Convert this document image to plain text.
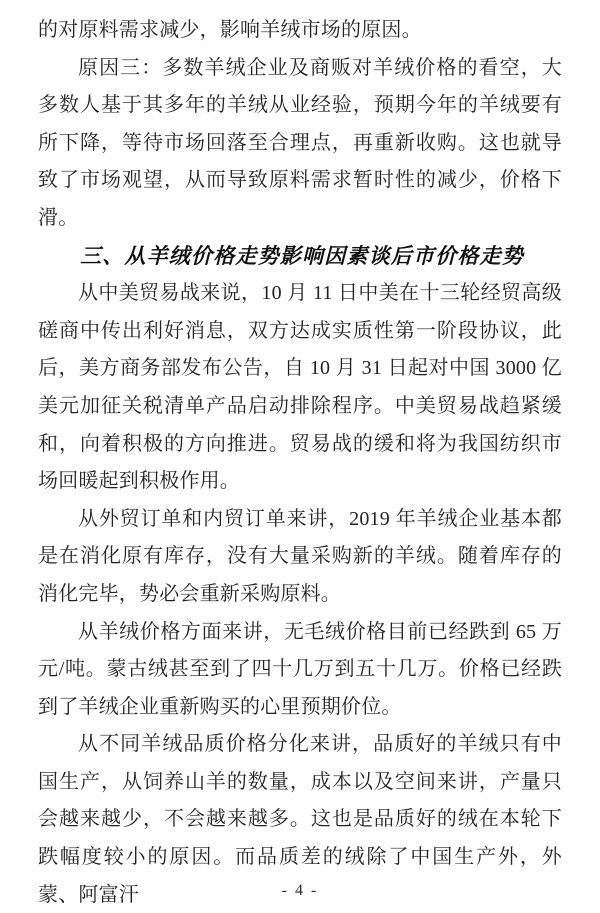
的对原料需求减少，影响羊绒市场的原因。

原因三：多数羊绒企业及商贩对羊绒价格的看空，大多数人基于其多年的羊绒从业经验，预期今年的羊绒要有所下降，等待市场回落至合理点，再重新收购。这也就导致了市场观望，从而导致原料需求暂时性的减少，价格下滑。

三、从羊绒价格走势影响因素谈后市价格走势

从中美贸易战来说，10 月 11 日中美在十三轮经贸高级磋商中传出利好消息，双方达成实质性第一阶段协议，此后，美方商务部发布公告，自 10 月 31 日起对中国 3000 亿美元加征关税清单产品启动排除程序。中美贸易战趋紧缓和，向着积极的方向推进。贸易战的缓和将为我国纺织市场回暖起到积极作用。

从外贸订单和内贸订单来讲，2019 年羊绒企业基本都是在消化原有库存，没有大量采购新的羊绒。随着库存的消化完毕，势必会重新采购原料。

从羊绒价格方面来讲，无毛绒价格目前已经跌到 65 万元/吨。蒙古绒甚至到了四十几万到五十几万。价格已经跌到了羊绒企业重新购买的心里预期价位。

从不同羊绒品质价格分化来讲，品质好的羊绒只有中国生产，从饲养山羊的数量，成本以及空间来讲，产量只会越来越少，不会越来越多。这也是品质好的绒在本轮下跌幅度较小的原因。而品质差的绒除了中国生产外，外蒙、阿富汗	- 4 -
